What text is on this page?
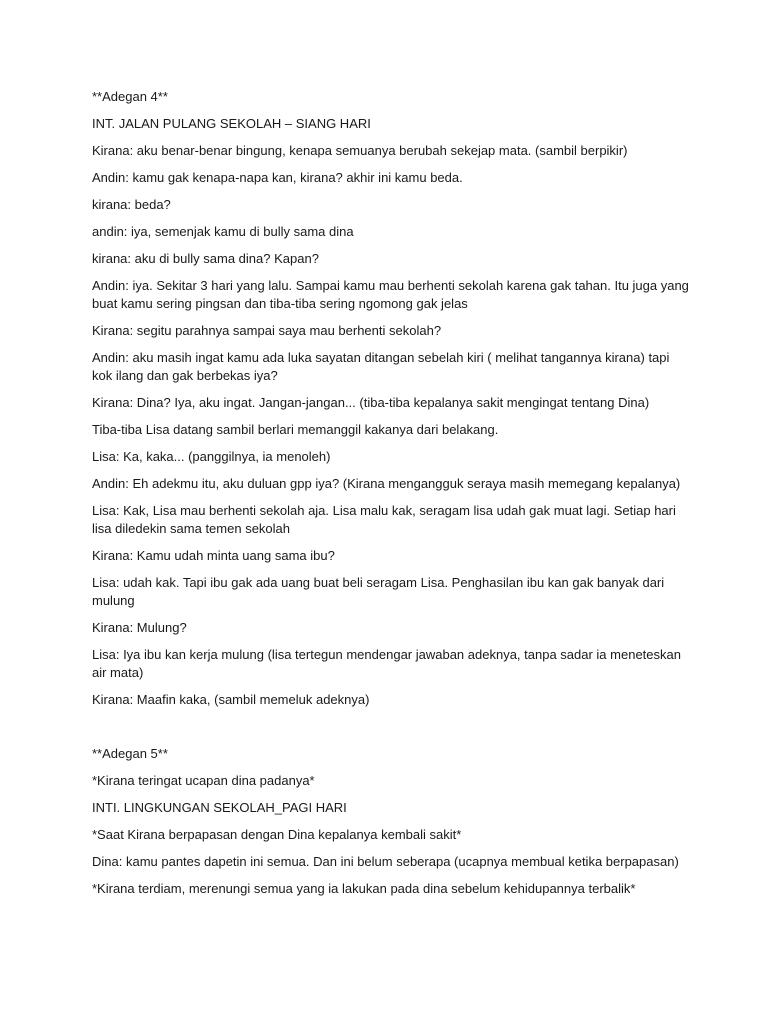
**Adegan 4**

INT. JALAN PULANG SEKOLAH – SIANG HARI

Kirana: aku benar-benar bingung, kenapa semuanya berubah sekejap mata. (sambil berpikir)

Andin: kamu gak kenapa-napa kan, kirana? akhir ini kamu beda.

kirana: beda?

andin: iya, semenjak kamu di bully sama dina

kirana: aku di bully sama dina? Kapan?

Andin: iya. Sekitar 3 hari yang lalu. Sampai kamu mau berhenti sekolah karena gak tahan. Itu juga yang buat kamu sering pingsan dan tiba-tiba sering ngomong gak jelas

Kirana: segitu parahnya sampai saya mau berhenti sekolah?

Andin: aku masih ingat kamu ada luka sayatan ditangan sebelah kiri ( melihat tangannya kirana) tapi kok ilang dan gak berbekas iya?

Kirana: Dina? Iya, aku ingat. Jangan-jangan... (tiba-tiba kepalanya sakit mengingat tentang Dina)

Tiba-tiba Lisa datang sambil berlari memanggil kakanya dari belakang.

Lisa: Ka, kaka... (panggilnya, ia menoleh)

Andin: Eh adekmu itu, aku duluan gpp iya? (Kirana mengangguk seraya masih memegang kepalanya)

Lisa: Kak, Lisa mau berhenti sekolah aja. Lisa malu kak, seragam lisa udah gak muat lagi. Setiap hari lisa diledekin sama temen sekolah

Kirana: Kamu udah minta uang sama ibu?

Lisa: udah kak. Tapi ibu gak ada uang buat beli seragam Lisa. Penghasilan ibu kan gak banyak dari mulung

Kirana: Mulung?

Lisa: Iya ibu kan kerja mulung (lisa tertegun mendengar jawaban adeknya, tanpa sadar ia meneteskan air mata)

Kirana: Maafin kaka, (sambil memeluk adeknya)

**Adegan 5**

*Kirana teringat ucapan dina padanya*

INTI. LINGKUNGAN SEKOLAH_PAGI HARI

*Saat Kirana berpapasan dengan Dina kepalanya kembali sakit*

Dina: kamu pantes dapetin ini semua. Dan ini belum seberapa (ucapnya membual ketika berpapasan)

*Kirana terdiam, merenungi semua yang ia lakukan pada dina sebelum kehidupannya terbalik*
